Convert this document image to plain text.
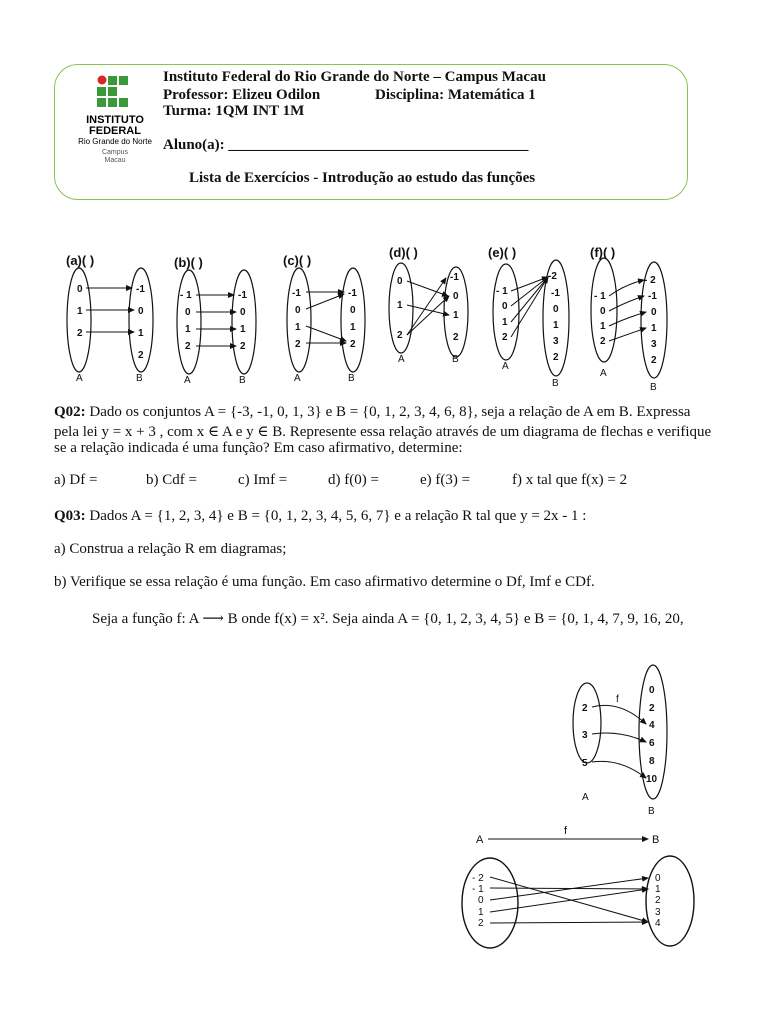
INSTITUTO
FEDERAL
Rio Grande do Norte
Campus
Macau
Instituto Federal do Rio Grande do Norte – Campus Macau
Professor: Elizeu Odilon	Disciplina: Matemática 1
Turma: 1QM INT 1M
Aluno(a): ________________________________________
Lista de Exercícios - Introdução ao estudo das funções
(a)( )
0
1
2
-1
0
1
2
A	B
(b)( )
- 1
0
1
2
-1
0
1
2
A	B
(c)( )
-1
0
1
2
-1
0
1
2
A	B
(d)( )
0
1
2
-1
0
1
2
A	B
(e)( )
- 1
0
1
2
-2
-1
0
1
3
2
A
B
(f)( )
- 1
0
1
2
- 2
-1
0
1
3
2
A
B
Q02: Dado os conjuntos A = {-3, -1, 0, 1, 3} e B = {0, 1, 2, 3, 4, 6, 8}, seja a relação de A em B. Expressa
pela lei y = x + 3 , com x ∈ A e y ∈ B. Represente essa relação através de um diagrama de flechas e verifique
se a relação indicada é uma função? Em caso afirmativo, determine:
a) Df =	b) Cdf =	c) Imf =	d) f(0) =	e) f(3) =	f) x tal que f(x) = 2
Q03: Dados A = {1, 2, 3, 4} e B = {0, 1, 2, 3, 4, 5, 6, 7} e a relação R tal que y = 2x - 1 :
a) Construa a relação R em diagramas;
b) Verifique se essa relação é uma função. Em caso afirmativo determine o Df, Imf e CDf.
Seja a função f: A ⟶ B onde f(x) = x². Seja ainda A = {0, 1, 2, 3, 4, 5} e B = {0, 1, 4, 7, 9, 16, 20,
f
2
3
5
0
2
4
6
8
10
A
B
A
f
B
- 2
- 1
0
1
2
0
1
2
3
4
